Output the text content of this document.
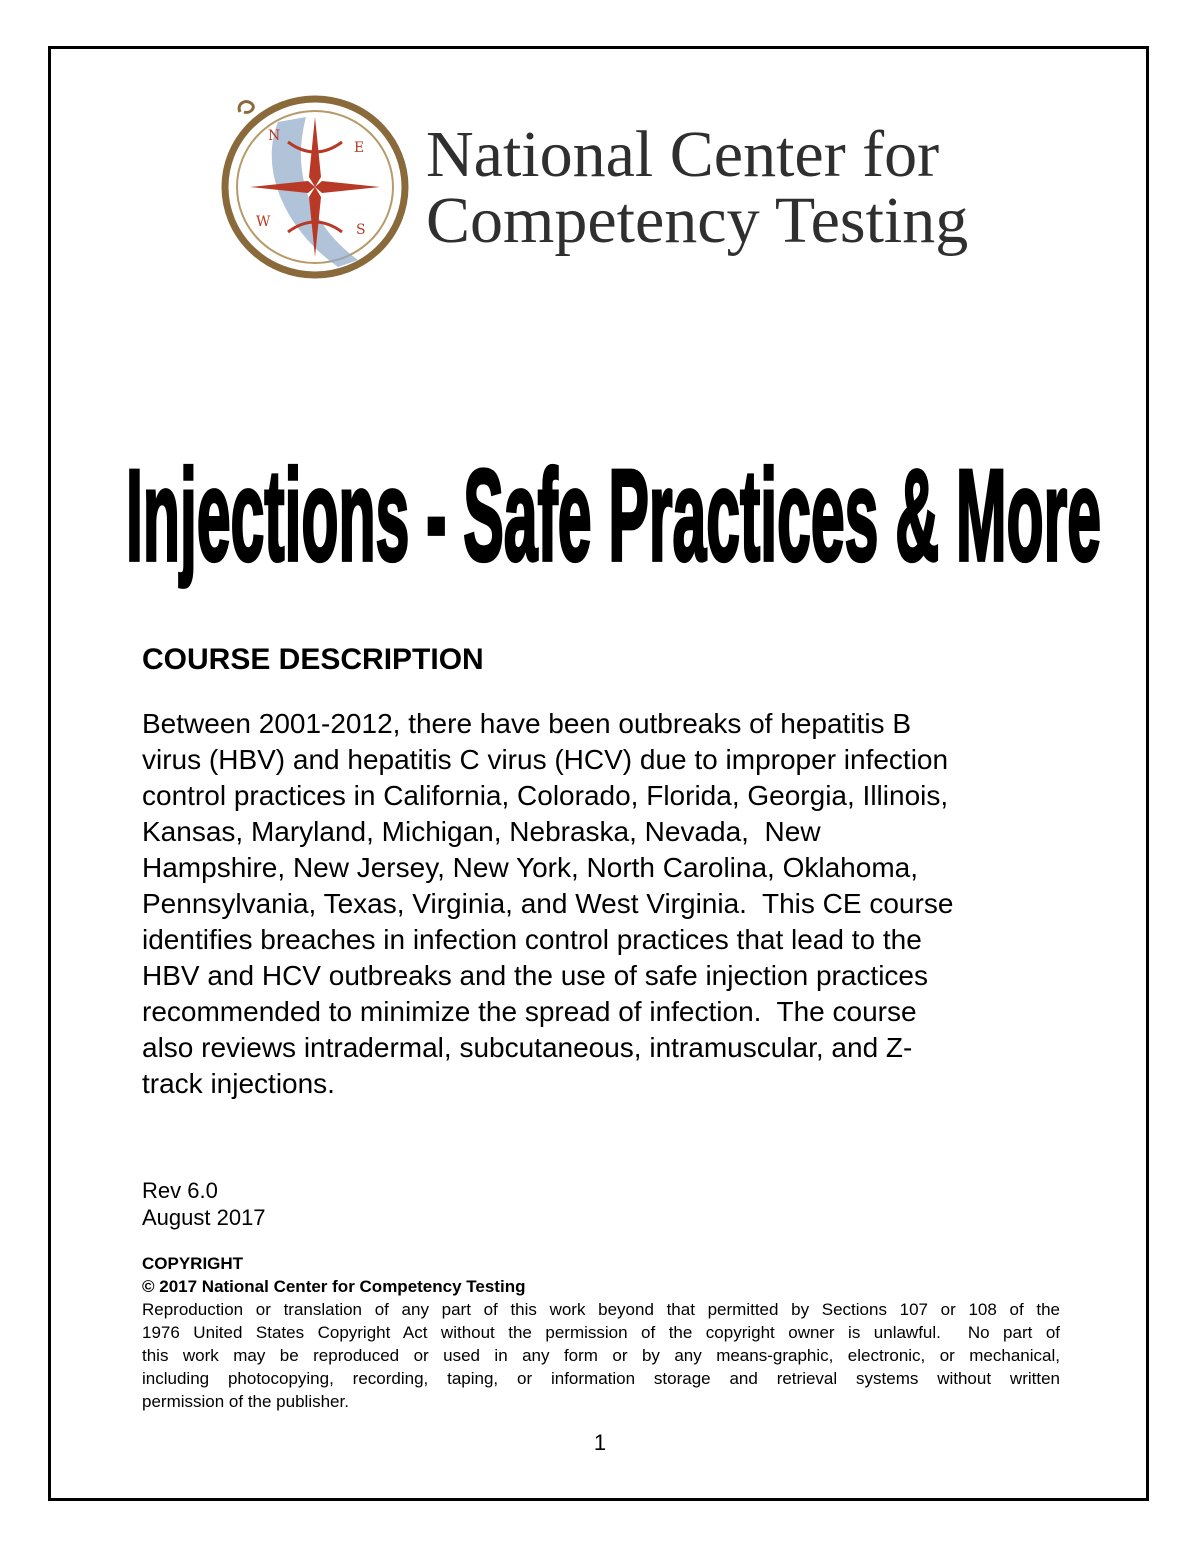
N
E
S
W
National Center for
Competency Testing
Injections - Safe Practices & More
COURSE DESCRIPTION
Between 2001-2012, there have been outbreaks of hepatitis B
virus (HBV) and hepatitis C virus (HCV) due to improper infection
control practices in California, Colorado, Florida, Georgia, Illinois,
Kansas, Maryland, Michigan, Nebraska, Nevada,  New
Hampshire, New Jersey, New York, North Carolina, Oklahoma,
Pennsylvania, Texas, Virginia, and West Virginia.  This CE course
identifies breaches in infection control practices that lead to the
HBV and HCV outbreaks and the use of safe injection practices
recommended to minimize the spread of infection.  The course
also reviews intradermal, subcutaneous, intramuscular, and Z-
track injections.
Rev 6.0
August 2017
COPYRIGHT
© 2017 National Center for Competency Testing
Reproduction or translation of any part of this work beyond that permitted by Sections 107 or 108 of the
1976 United States Copyright Act without the permission of the copyright owner is unlawful.  No part of
this work may be reproduced or used in any form or by any means-graphic, electronic, or mechanical,
including photocopying, recording, taping, or information storage and retrieval systems without written
permission of the publisher.
1
